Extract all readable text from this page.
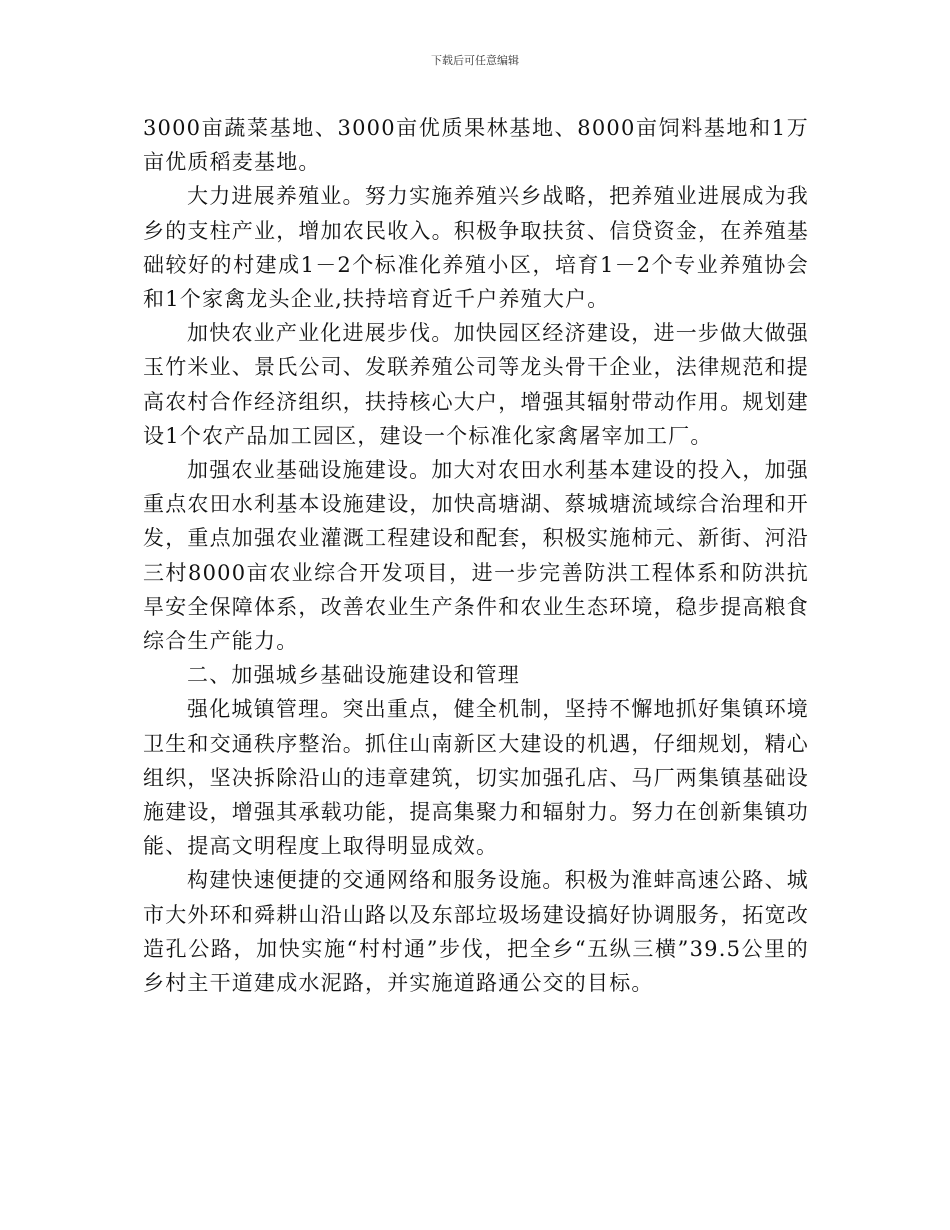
下载后可任意编辑

3000亩蔬菜基地、3000亩优质果林基地、8000亩饲料基地和1万亩优质稻麦基地。

大力进展养殖业。努力实施养殖兴乡战略，把养殖业进展成为我乡的支柱产业，增加农民收入。积极争取扶贫、信贷资金，在养殖基础较好的村建成1－2个标准化养殖小区，培育1－2个专业养殖协会和1个家禽龙头企业,扶持培育近千户养殖大户。

加快农业产业化进展步伐。加快园区经济建设，进一步做大做强玉竹米业、景氏公司、发联养殖公司等龙头骨干企业，法律规范和提高农村合作经济组织，扶持核心大户，增强其辐射带动作用。规划建设1个农产品加工园区，建设一个标准化家禽屠宰加工厂。

加强农业基础设施建设。加大对农田水利基本建设的投入，加强重点农田水利基本设施建设，加快高塘湖、蔡城塘流域综合治理和开发，重点加强农业灌溉工程建设和配套，积极实施柿元、新街、河沿三村8000亩农业综合开发项目，进一步完善防洪工程体系和防洪抗旱安全保障体系，改善农业生产条件和农业生态环境，稳步提高粮食综合生产能力。

二、加强城乡基础设施建设和管理

强化城镇管理。突出重点，健全机制，坚持不懈地抓好集镇环境卫生和交通秩序整治。抓住山南新区大建设的机遇，仔细规划，精心组织，坚决拆除沿山的违章建筑，切实加强孔店、马厂两集镇基础设施建设，增强其承载功能，提高集聚力和辐射力。努力在创新集镇功能、提高文明程度上取得明显成效。

构建快速便捷的交通网络和服务设施。积极为淮蚌高速公路、城市大外环和舜耕山沿山路以及东部垃圾场建设搞好协调服务，拓宽改造孔公路，加快实施“村村通”步伐，把全乡“五纵三横”39.5公里的乡村主干道建成水泥路，并实施道路通公交的目标。
